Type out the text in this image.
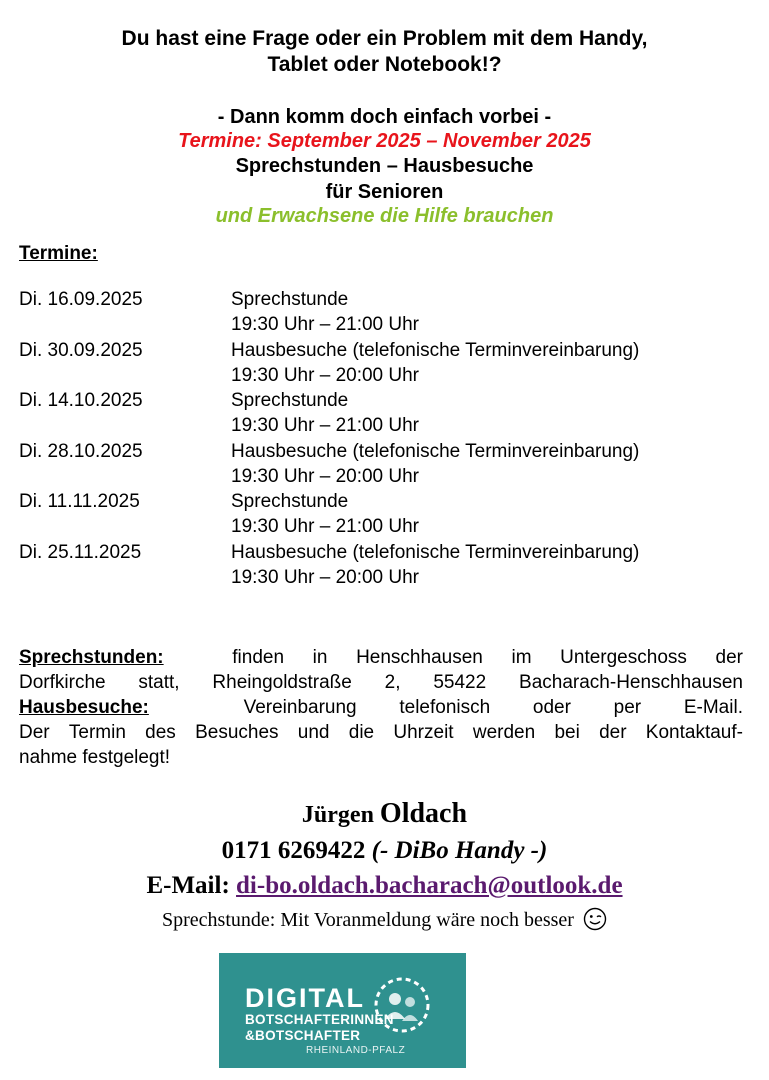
Du hast eine Frage oder ein Problem mit dem Handy,
Tablet oder Notebook!?
- Dann komm doch einfach vorbei -
Termine: September 2025 – November 2025
Sprechstunden – Hausbesuche
für Senioren
und Erwachsene die Hilfe brauchen
Termine:
Di. 16.09.2025	Sprechstunde
19:30 Uhr – 21:00 Uhr
Di. 30.09.2025	Hausbesuche (telefonische Terminvereinbarung)
19:30 Uhr – 20:00 Uhr
Di. 14.10.2025	Sprechstunde
19:30 Uhr – 21:00 Uhr
Di. 28.10.2025	Hausbesuche (telefonische Terminvereinbarung)
19:30 Uhr – 20:00 Uhr
Di. 11.11.2025	Sprechstunde
19:30 Uhr – 21:00 Uhr
Di. 25.11.2025	Hausbesuche (telefonische Terminvereinbarung)
19:30 Uhr – 20:00 Uhr
Sprechstunden:	finden in Henschhausen im Untergeschoss der
Dorfkirche statt, Rheingoldstraße 2, 55422 Bacharach-Henschhausen
Hausbesuche:	Vereinbarung telefonisch oder per E-Mail.
Der Termin des Besuches und die Uhrzeit werden bei der Kontaktauf-
nahme festgelegt!
Jürgen Oldach
0171 6269422 (- DiBo Handy -)
E-Mail: di-bo.oldach.bacharach@outlook.de
Sprechstunde: Mit Voranmeldung wäre noch besser
DIGITAL
BOTSCHAFTERINNEN
&BOTSCHAFTER
RHEINLAND-PFALZ
